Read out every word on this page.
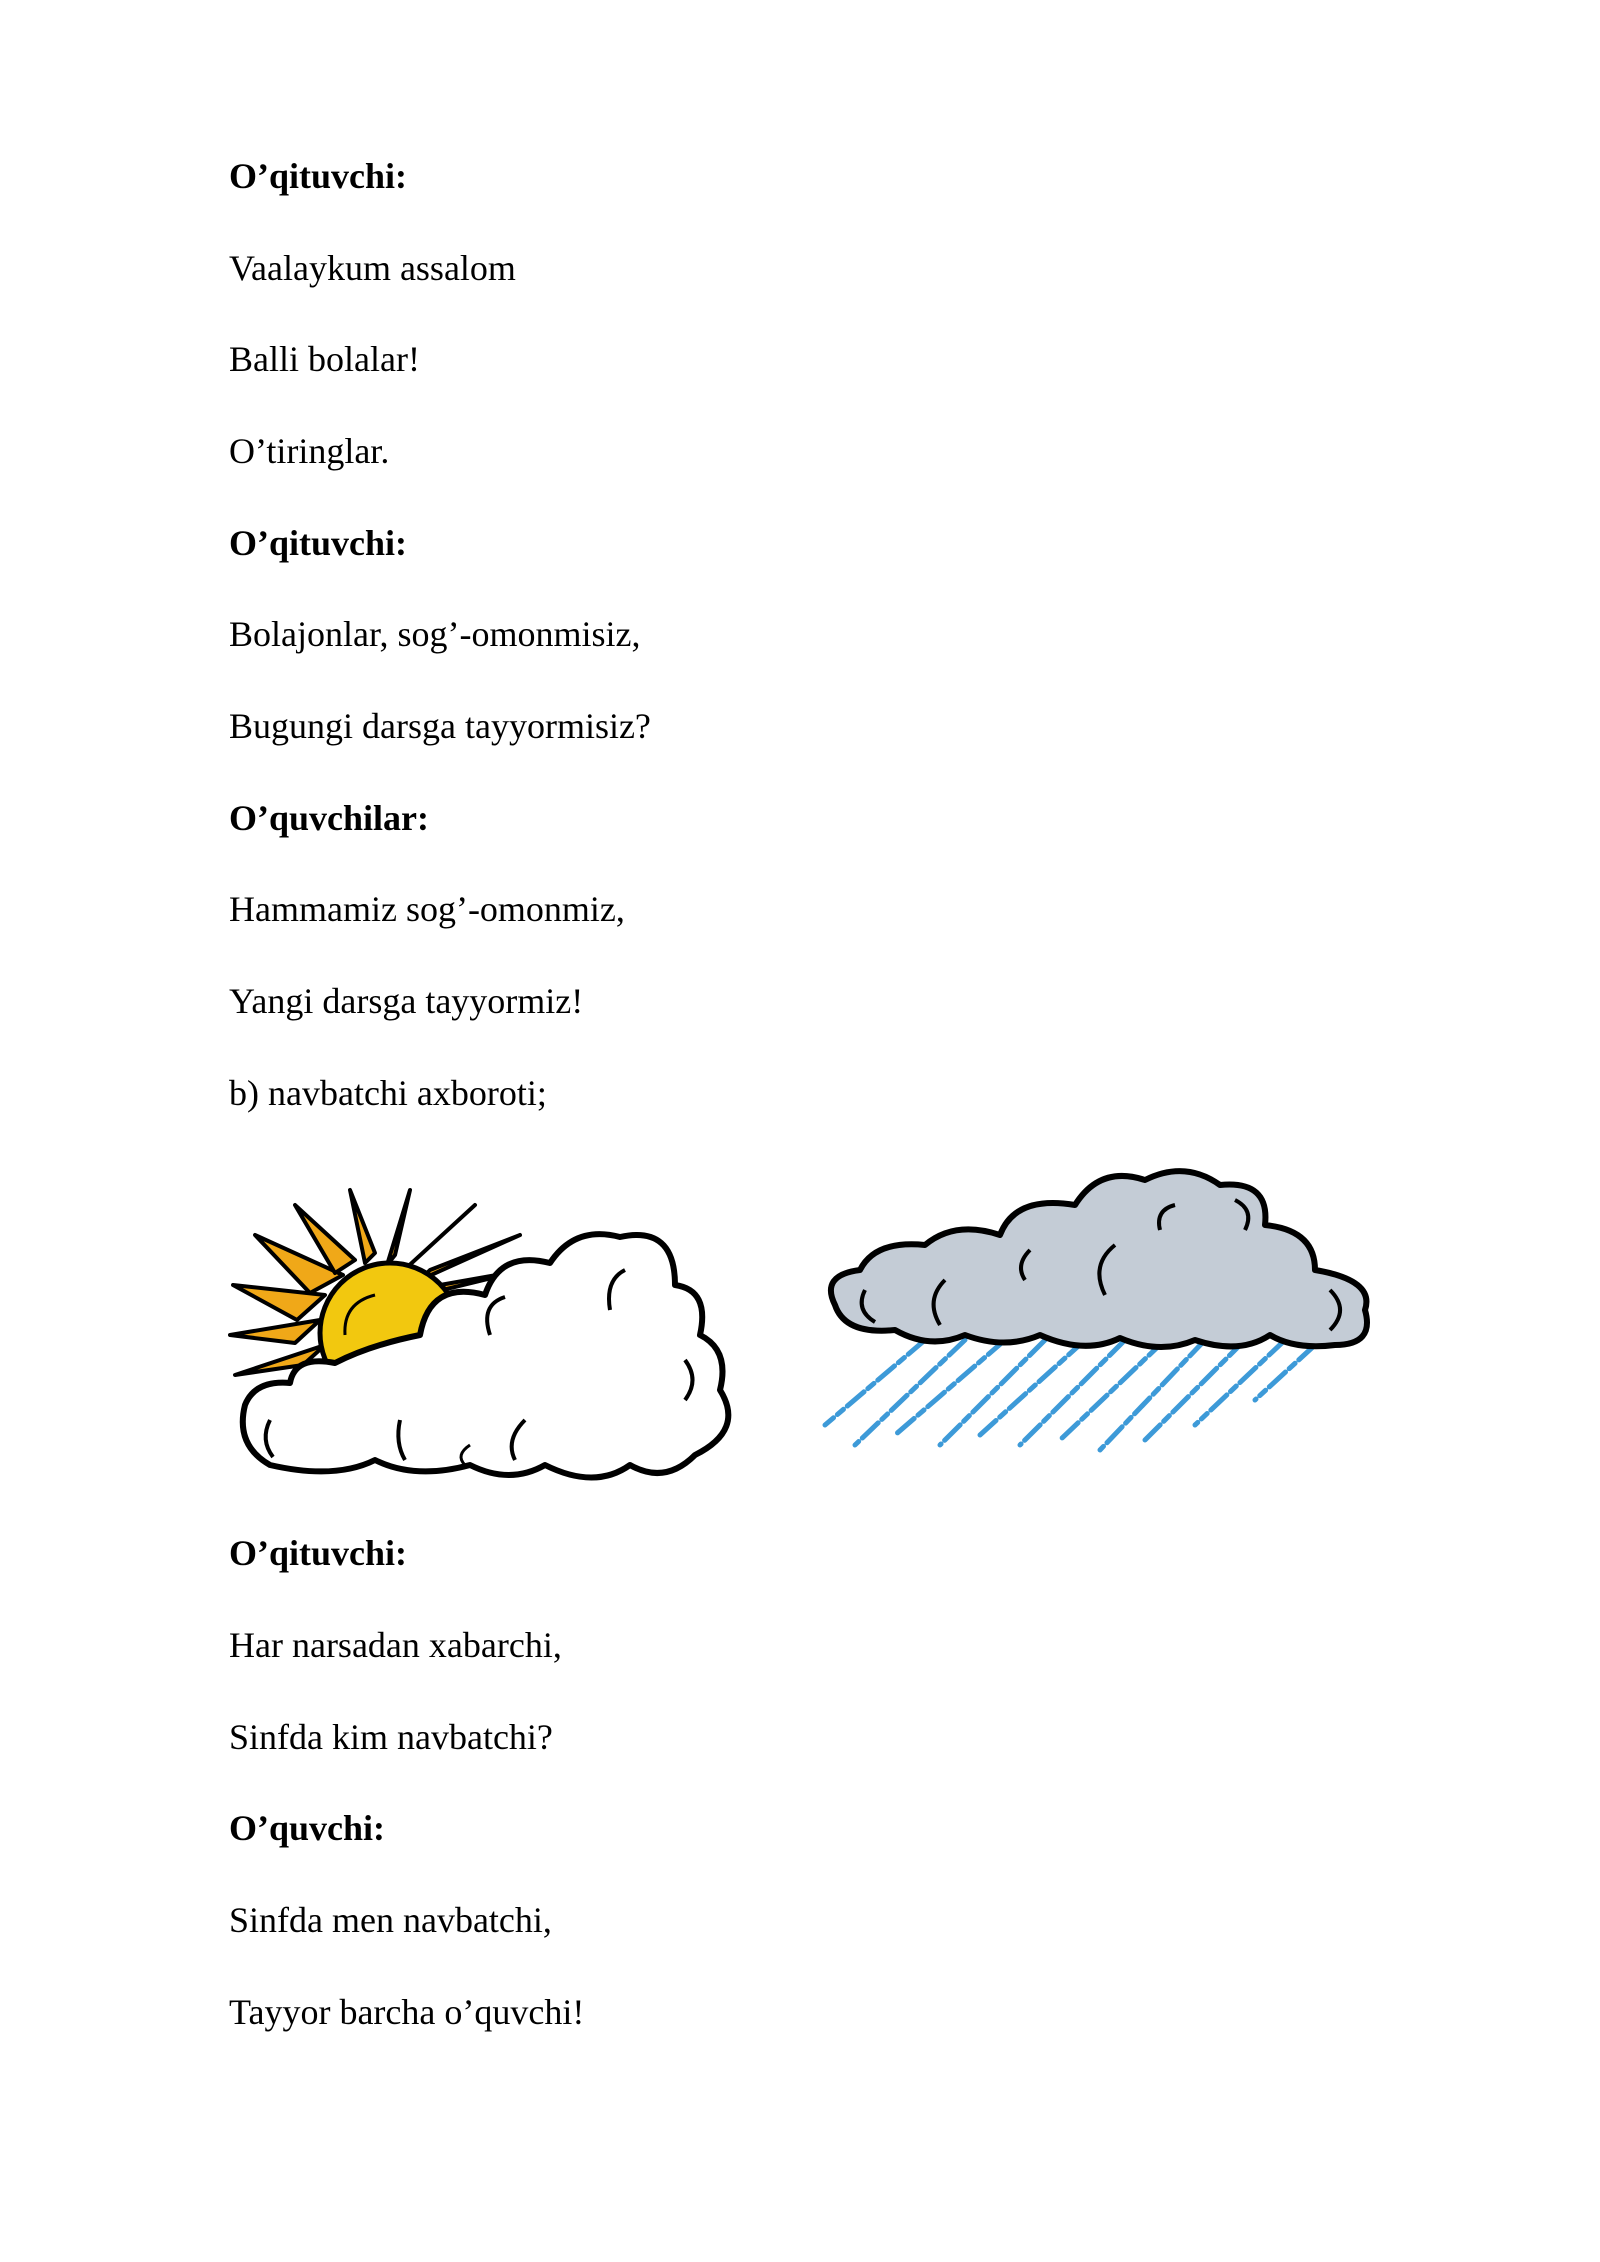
O’qituvchi:
Vaalaykum assalom
Balli bolalar!
O’tiringlar.
O’qituvchi:
Bolajonlar, sog’-omonmisiz,
Bugungi darsga tayyormisiz?
O’quvchilar:
Hammamiz sog’-omonmiz,
Yangi darsga tayyormiz!
b) navbatchi axboroti;
O’qituvchi:
Har narsadan xabarchi,
Sinfda kim navbatchi?
O’quvchi:
Sinfda men navbatchi,
Tayyor barcha o’quvchi!
